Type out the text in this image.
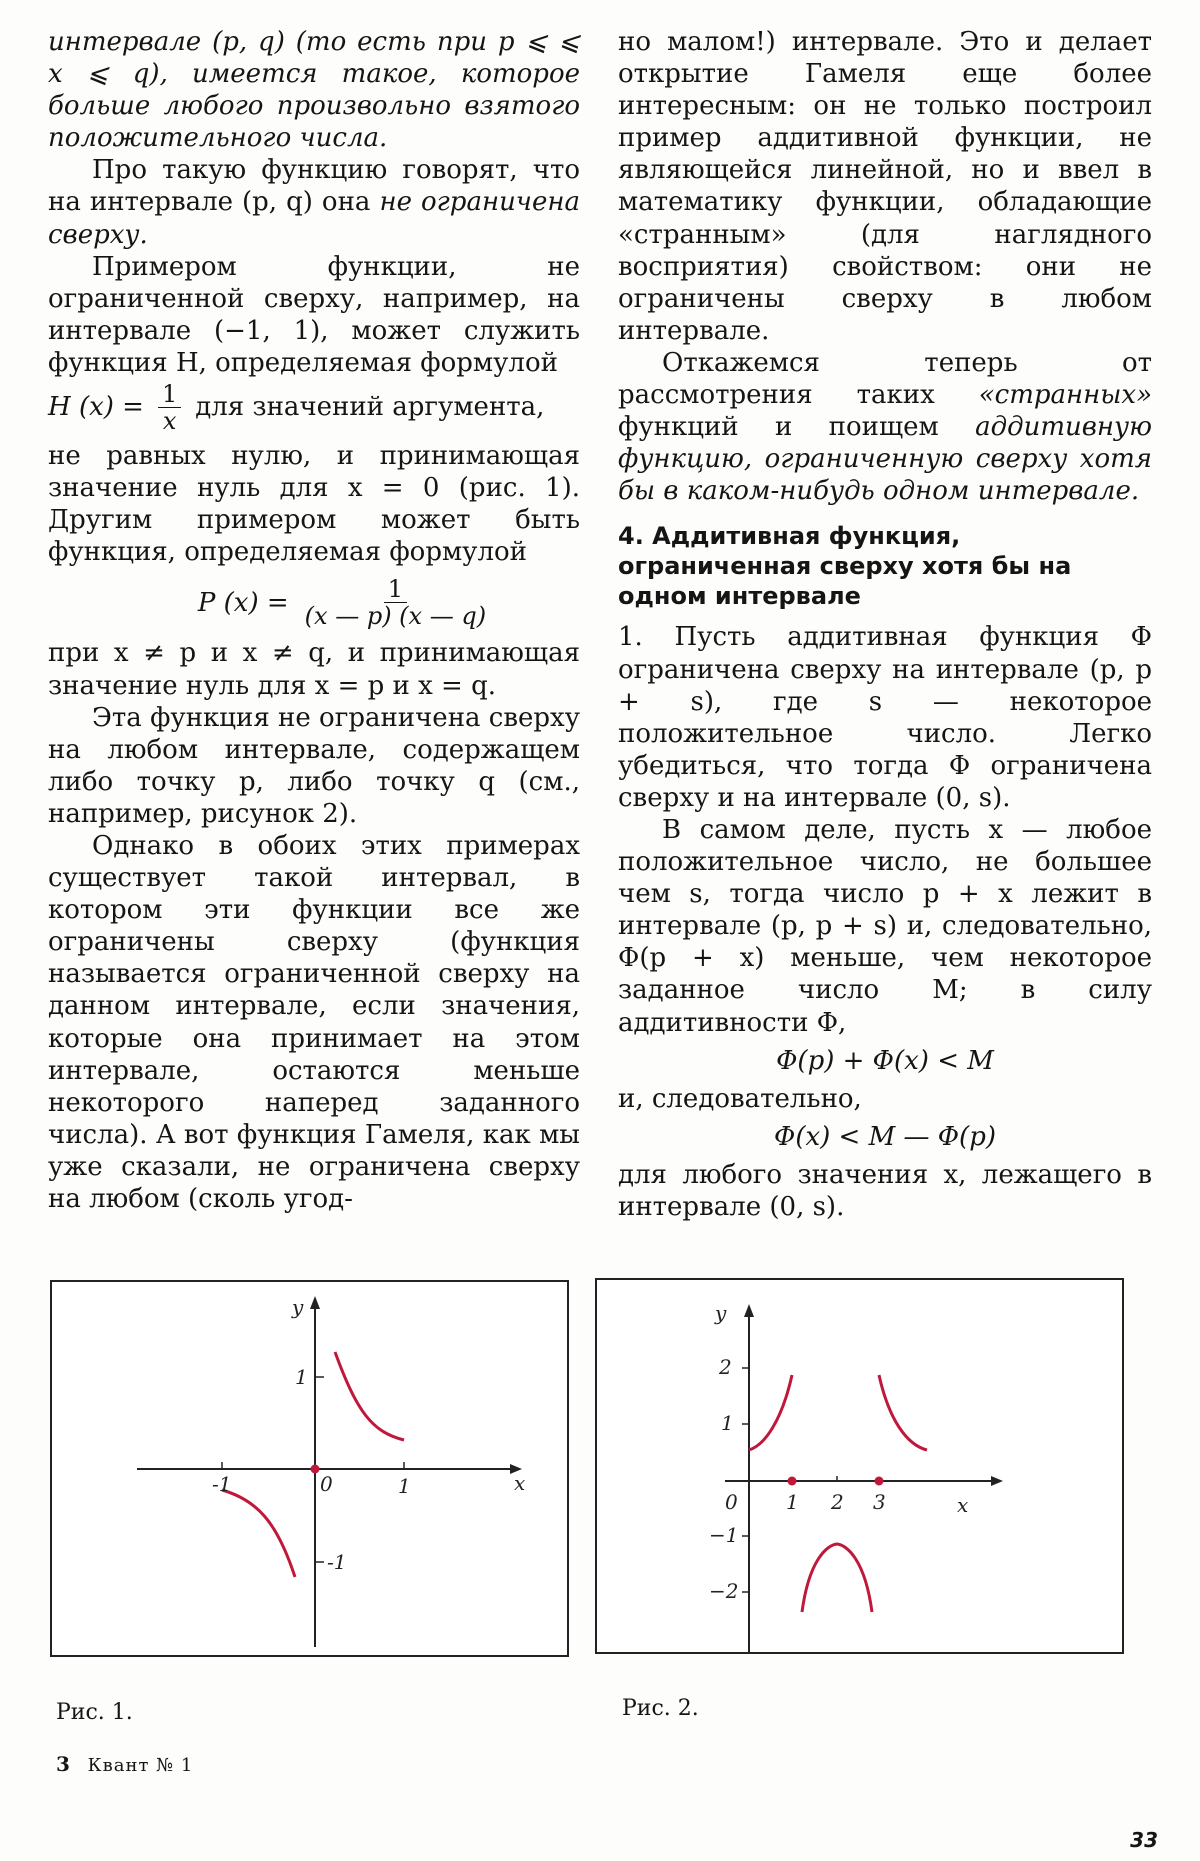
интервале (p, q) (то есть при p ⩽ ⩽ x ⩽ q), имеется такое, которое больше любого произвольно взятого положительного числа.

Про такую функцию говорят, что на интервале (p, q) она не ограничена сверху.

Примером функции, не ограниченной сверху, например, на интервале (−1, 1), может служить функция H, определяемая формулой

H $(x) = \frac{1}{x}$ для значений аргумента,

не равных нулю, и принимающая значение нуль для x = 0 (рис. 1). Другим примером может быть функция, определяемая формулой

P $(x) = \frac{1}{(x — p) (x — q)}$

при x ≠ p и x ≠ q, и принимающая значение нуль для x = p и x = q.

Эта функция не ограничена сверху на любом интервале, содержащем либо точку p, либо точку q (см., например, рисунок 2).

Однако в обоих этих примерах существует такой интервал, в котором эти функции все же ограничены сверху (функция называется ограниченной сверху на данном интервале, если значения, которые она принимает на этом интервале, остаются меньше некоторого наперед заданного числа). А вот функция Гамеля, как мы уже сказали, не ограничена сверху на любом (сколь угод-

но малом!) интервале. Это и делает открытие Гамеля еще более интересным: он не только построил пример аддитивной функции, не являющейся линейной, но и ввел в математику функции, обладающие «странным» (для наглядного восприятия) свойством: они не ограничены сверху в любом интервале.

Откажемся теперь от рассмотрения таких «странных» функций и поищем аддитивную функцию, ограниченную сверху хотя бы в каком-нибудь одном интервале.

4. Аддитивная функция, ограниченная сверху хотя бы на одном интервале

1. Пусть аддитивная функция Φ ограничена сверху на интервале (p, p + s), где s — некоторое положительное число. Легко убедиться, что тогда Φ ограничена сверху и на интервале (0, s).

В самом деле, пусть x — любое положительное число, не большее чем s, тогда число p + x лежит в интервале (p, p + s) и, следовательно, Φ(p + x) меньше, чем некоторое заданное число M; в силу аддитивности Φ,

Φ(p) + Φ(x) < M

и, следовательно,

Φ(x) < M — Φ(p)

для любого значения x, лежащего в интервале (0, s).

y
x
1
-1
-1	1
0
y
x
2
1
−1
−2
0 1 2 3
Рис. 1.	Рис. 2.
3 Квант № 1
33
